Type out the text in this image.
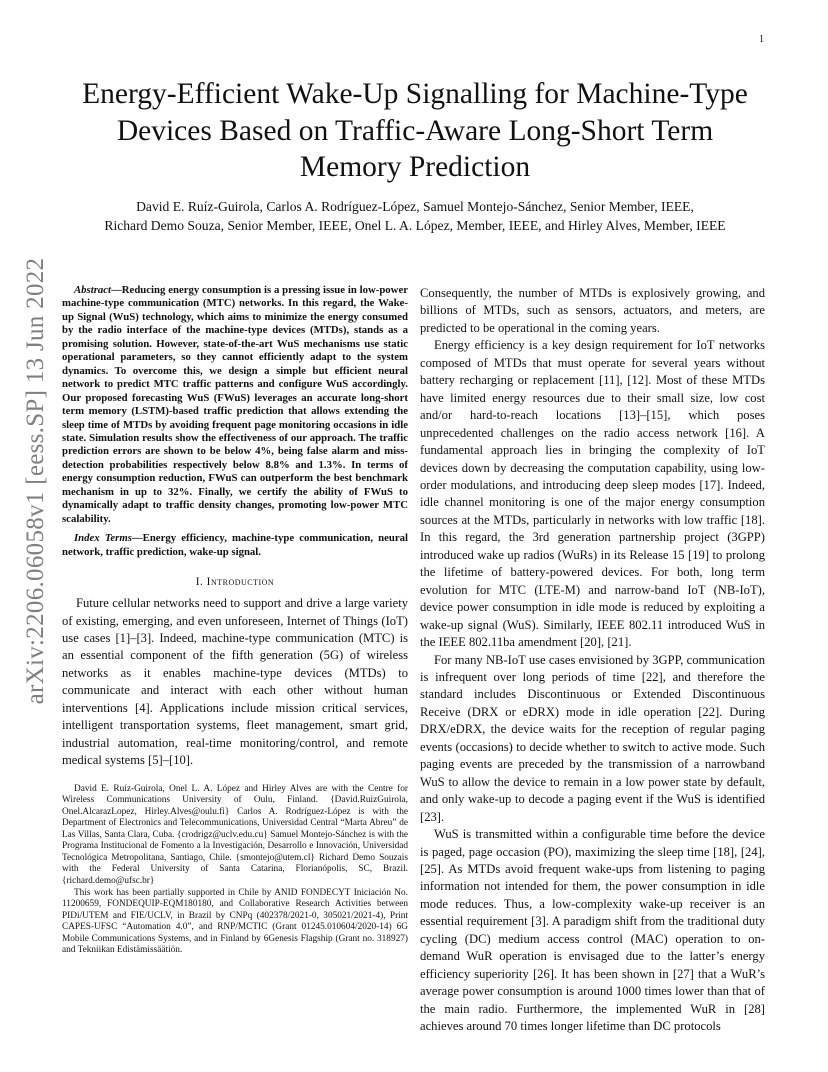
1
arXiv:2206.06058v1 [eess.SP] 13 Jun 2022
Energy-Efficient Wake-Up Signalling for Machine-Type Devices Based on Traffic-Aware Long-Short Term Memory Prediction
David E. Ruíz-Guirola, Carlos A. Rodríguez-López, Samuel Montejo-Sánchez, Senior Member, IEEE,
Richard Demo Souza, Senior Member, IEEE, Onel L. A. López, Member, IEEE, and Hirley Alves, Member, IEEE

Abstract—Reducing energy consumption is a pressing issue in low-power machine-type communication (MTC) networks. In this regard, the Wake-up Signal (WuS) technology, which aims to minimize the energy consumed by the radio interface of the machine-type devices (MTDs), stands as a promising solution. However, state-of-the-art WuS mechanisms use static operational parameters, so they cannot efficiently adapt to the system dynamics. To overcome this, we design a simple but efficient neural network to predict MTC traffic patterns and configure WuS accordingly. Our proposed forecasting WuS (FWuS) leverages an accurate long-short term memory (LSTM)-based traffic prediction that allows extending the sleep time of MTDs by avoiding frequent page monitoring occasions in idle state. Simulation results show the effectiveness of our approach. The traffic prediction errors are shown to be below 4%, being false alarm and miss-detection probabilities respectively below 8.8% and 1.3%. In terms of energy consumption reduction, FWuS can outperform the best benchmark mechanism in up to 32%. Finally, we certify the ability of FWuS to dynamically adapt to traffic density changes, promoting low-power MTC scalability.

Index Terms—Energy efficiency, machine-type communication, neural network, traffic prediction, wake-up signal.

I. Introduction

Future cellular networks need to support and drive a large variety of existing, emerging, and even unforeseen, Internet of Things (IoT) use cases [1]–[3]. Indeed, machine-type communication (MTC) is an essential component of the fifth generation (5G) of wireless networks as it enables machine-type devices (MTDs) to communicate and interact with each other without human interventions [4]. Applications include mission critical services, intelligent transportation systems, fleet management, smart grid, industrial automation, real-time monitoring/control, and remote medical systems [5]–[10].

David E. Ruíz-Guirola, Onel L. A. López and Hirley Alves are with the Centre for Wireless Communications University of Oulu, Finland. {David.RuizGuirola, Onel.AlcarazLopez, Hirley.Alves@oulu.fi} Carlos A. Rodríguez-López is with the Department of Electronics and Telecommunications, Universidad Central “Marta Abreu” de Las Villas, Santa Clara, Cuba. {crodrigz@uclv.edu.cu} Samuel Montejo-Sánchez is with the Programa Institucional de Fomento a la Investigación, Desarrollo e Innovación, Universidad Tecnológica Metropolitana, Santiago, Chile. {smontejo@utem.cl} Richard Demo Souzais with the Federal University of Santa Catarina, Florianópolis, SC, Brazil. {richard.demo@ufsc.br}

This work has been partially supported in Chile by ANID FONDECYT Iniciación No. 11200659, FONDEQUIP-EQM180180, and Collaborative Research Activities between PIDi/UTEM and FIE/UCLV, in Brazil by CNPq (402378/2021-0, 305021/2021-4), Print CAPES-UFSC “Automation 4.0”, and RNP/MCTIC (Grant 01245.010604/2020-14) 6G Mobile Communications Systems, and in Finland by 6Genesis Flagship (Grant no. 318927) and Tekniikan Edistämissäätiön.

Consequently, the number of MTDs is explosively growing, and billions of MTDs, such as sensors, actuators, and meters, are predicted to be operational in the coming years.

Energy efficiency is a key design requirement for IoT networks composed of MTDs that must operate for several years without battery recharging or replacement [11], [12]. Most of these MTDs have limited energy resources due to their small size, low cost and/or hard-to-reach locations [13]–[15], which poses unprecedented challenges on the radio access network [16]. A fundamental approach lies in bringing the complexity of IoT devices down by decreasing the computation capability, using low-order modulations, and introducing deep sleep modes [17]. Indeed, idle channel monitoring is one of the major energy consumption sources at the MTDs, particularly in networks with low traffic [18]. In this regard, the 3rd generation partnership project (3GPP) introduced wake up radios (WuRs) in its Release 15 [19] to prolong the lifetime of battery-powered devices. For both, long term evolution for MTC (LTE-M) and narrow-band IoT (NB-IoT), device power consumption in idle mode is reduced by exploiting a wake-up signal (WuS). Similarly, IEEE 802.11 introduced WuS in the IEEE 802.11ba amendment [20], [21].

For many NB-IoT use cases envisioned by 3GPP, communication is infrequent over long periods of time [22], and therefore the standard includes Discontinuous or Extended Discontinuous Receive (DRX or eDRX) mode in idle operation [22]. During DRX/eDRX, the device waits for the reception of regular paging events (occasions) to decide whether to switch to active mode. Such paging events are preceded by the transmission of a narrowband WuS to allow the device to remain in a low power state by default, and only wake-up to decode a paging event if the WuS is identified [23].

WuS is transmitted within a configurable time before the device is paged, page occasion (PO), maximizing the sleep time [18], [24], [25]. As MTDs avoid frequent wake-ups from listening to paging information not intended for them, the power consumption in idle mode reduces. Thus, a low-complexity wake-up receiver is an essential requirement [3]. A paradigm shift from the traditional duty cycling (DC) medium access control (MAC) operation to on-demand WuR operation is envisaged due to the latter’s energy efficiency superiority [26]. It has been shown in [27] that a WuR’s average power consumption is around 1000 times lower than that of the main radio. Furthermore, the implemented WuR in [28] achieves around 70 times longer lifetime than DC protocols
